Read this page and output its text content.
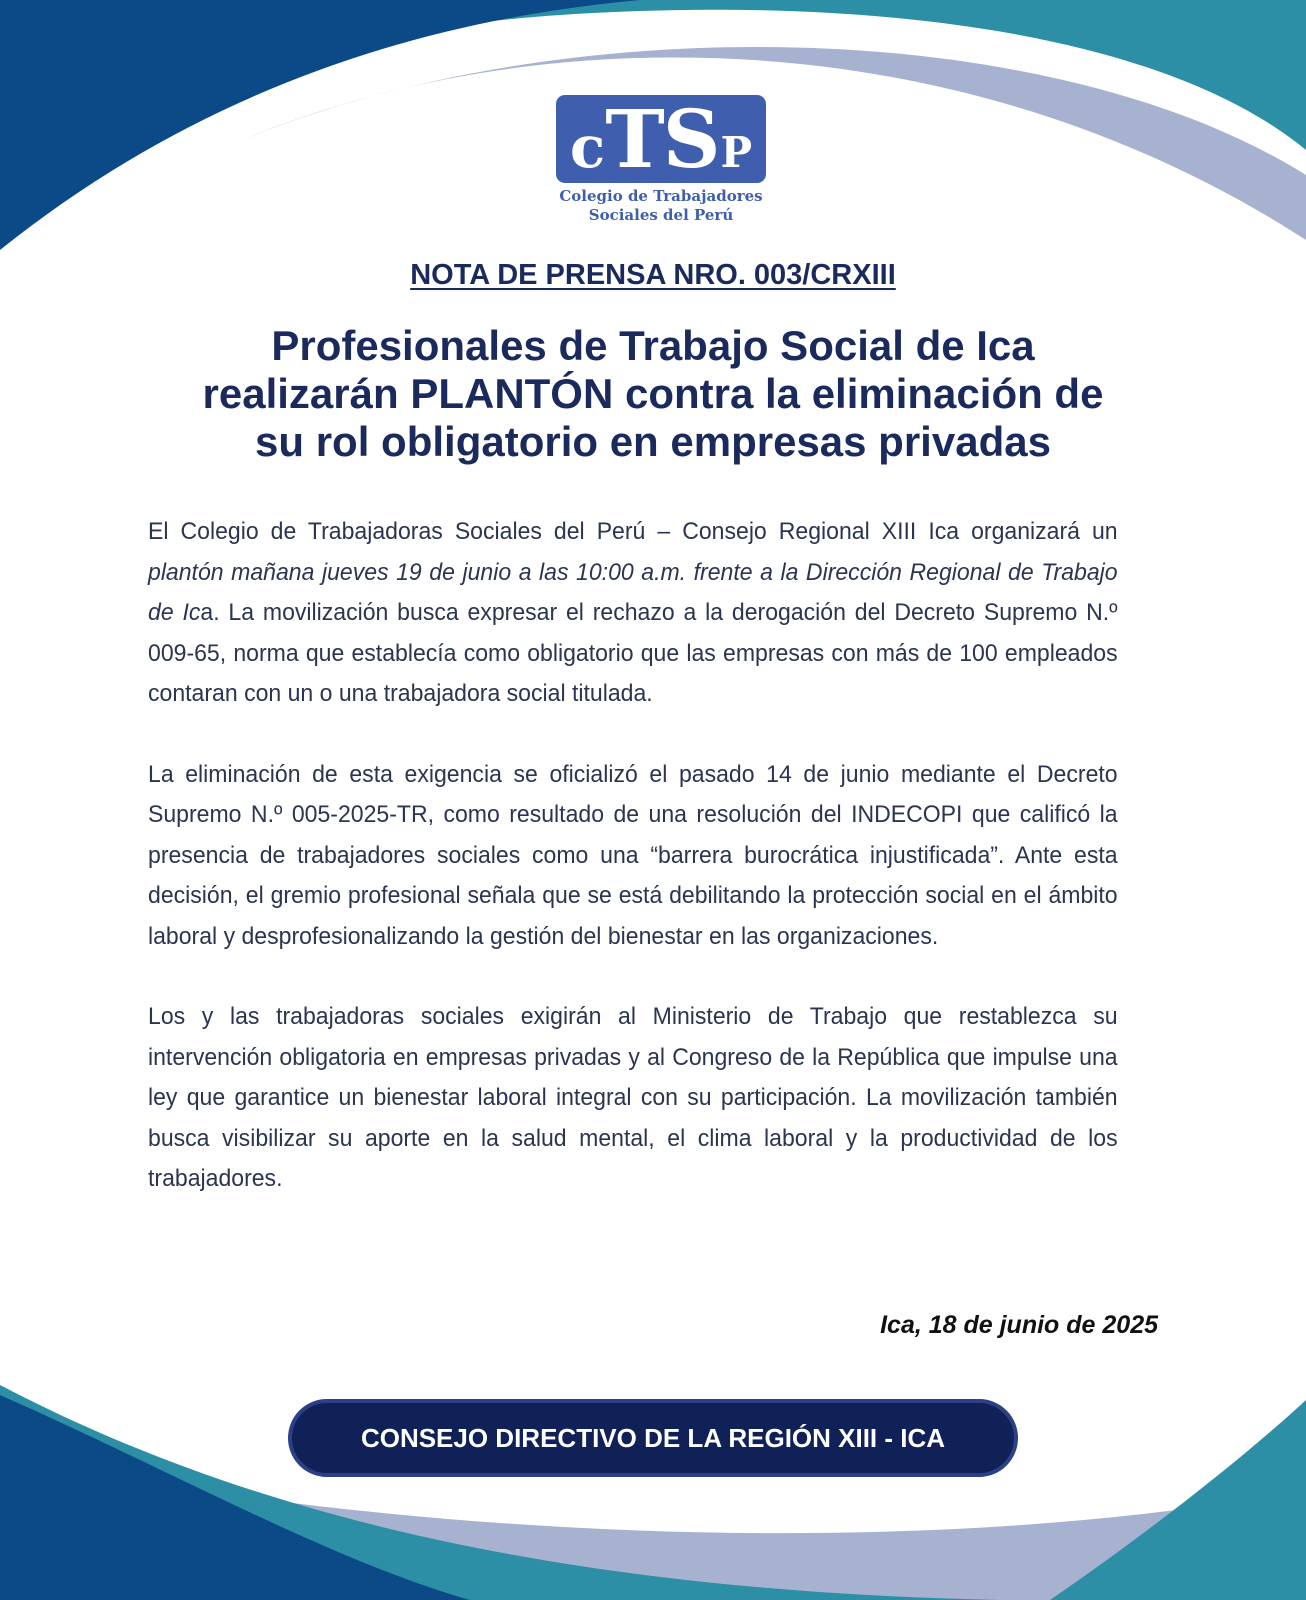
cTSP
Colegio de Trabajadores
Sociales del Perú
NOTA DE PRENSA NRO. 003/CRXIII
Profesionales de Trabajo Social de Ica
realizarán PLANTÓN contra la eliminación de
su rol obligatorio en empresas privadas

El Colegio de Trabajadoras Sociales del Perú – Consejo Regional XIII Ica organizará un plantón mañana jueves 19 de junio a las 10:00 a.m. frente a la Dirección Regional de Trabajo de Ica. La movilización busca expresar el rechazo a la derogación del Decreto Supremo N.º 009-65, norma que establecía como obligatorio que las empresas con más de 100 empleados contaran con un o una trabajadora social titulada.

La eliminación de esta exigencia se oficializó el pasado 14 de junio mediante el Decreto Supremo N.º 005-2025-TR, como resultado de una resolución del INDECOPI que calificó la presencia de trabajadores sociales como una “barrera burocrática injustificada”. Ante esta decisión, el gremio profesional señala que se está debilitando la protección social en el ámbito laboral y desprofesionalizando la gestión del bienestar en las organizaciones.

Los y las trabajadoras sociales exigirán al Ministerio de Trabajo que restablezca su intervención obligatoria en empresas privadas y al Congreso de la República que impulse una ley que garantice un bienestar laboral integral con su participación. La movilización también busca visibilizar su aporte en la salud mental, el clima laboral y la productividad de los trabajadores.

Ica, 18 de junio de 2025
CONSEJO DIRECTIVO DE LA REGIÓN XIII - ICA
